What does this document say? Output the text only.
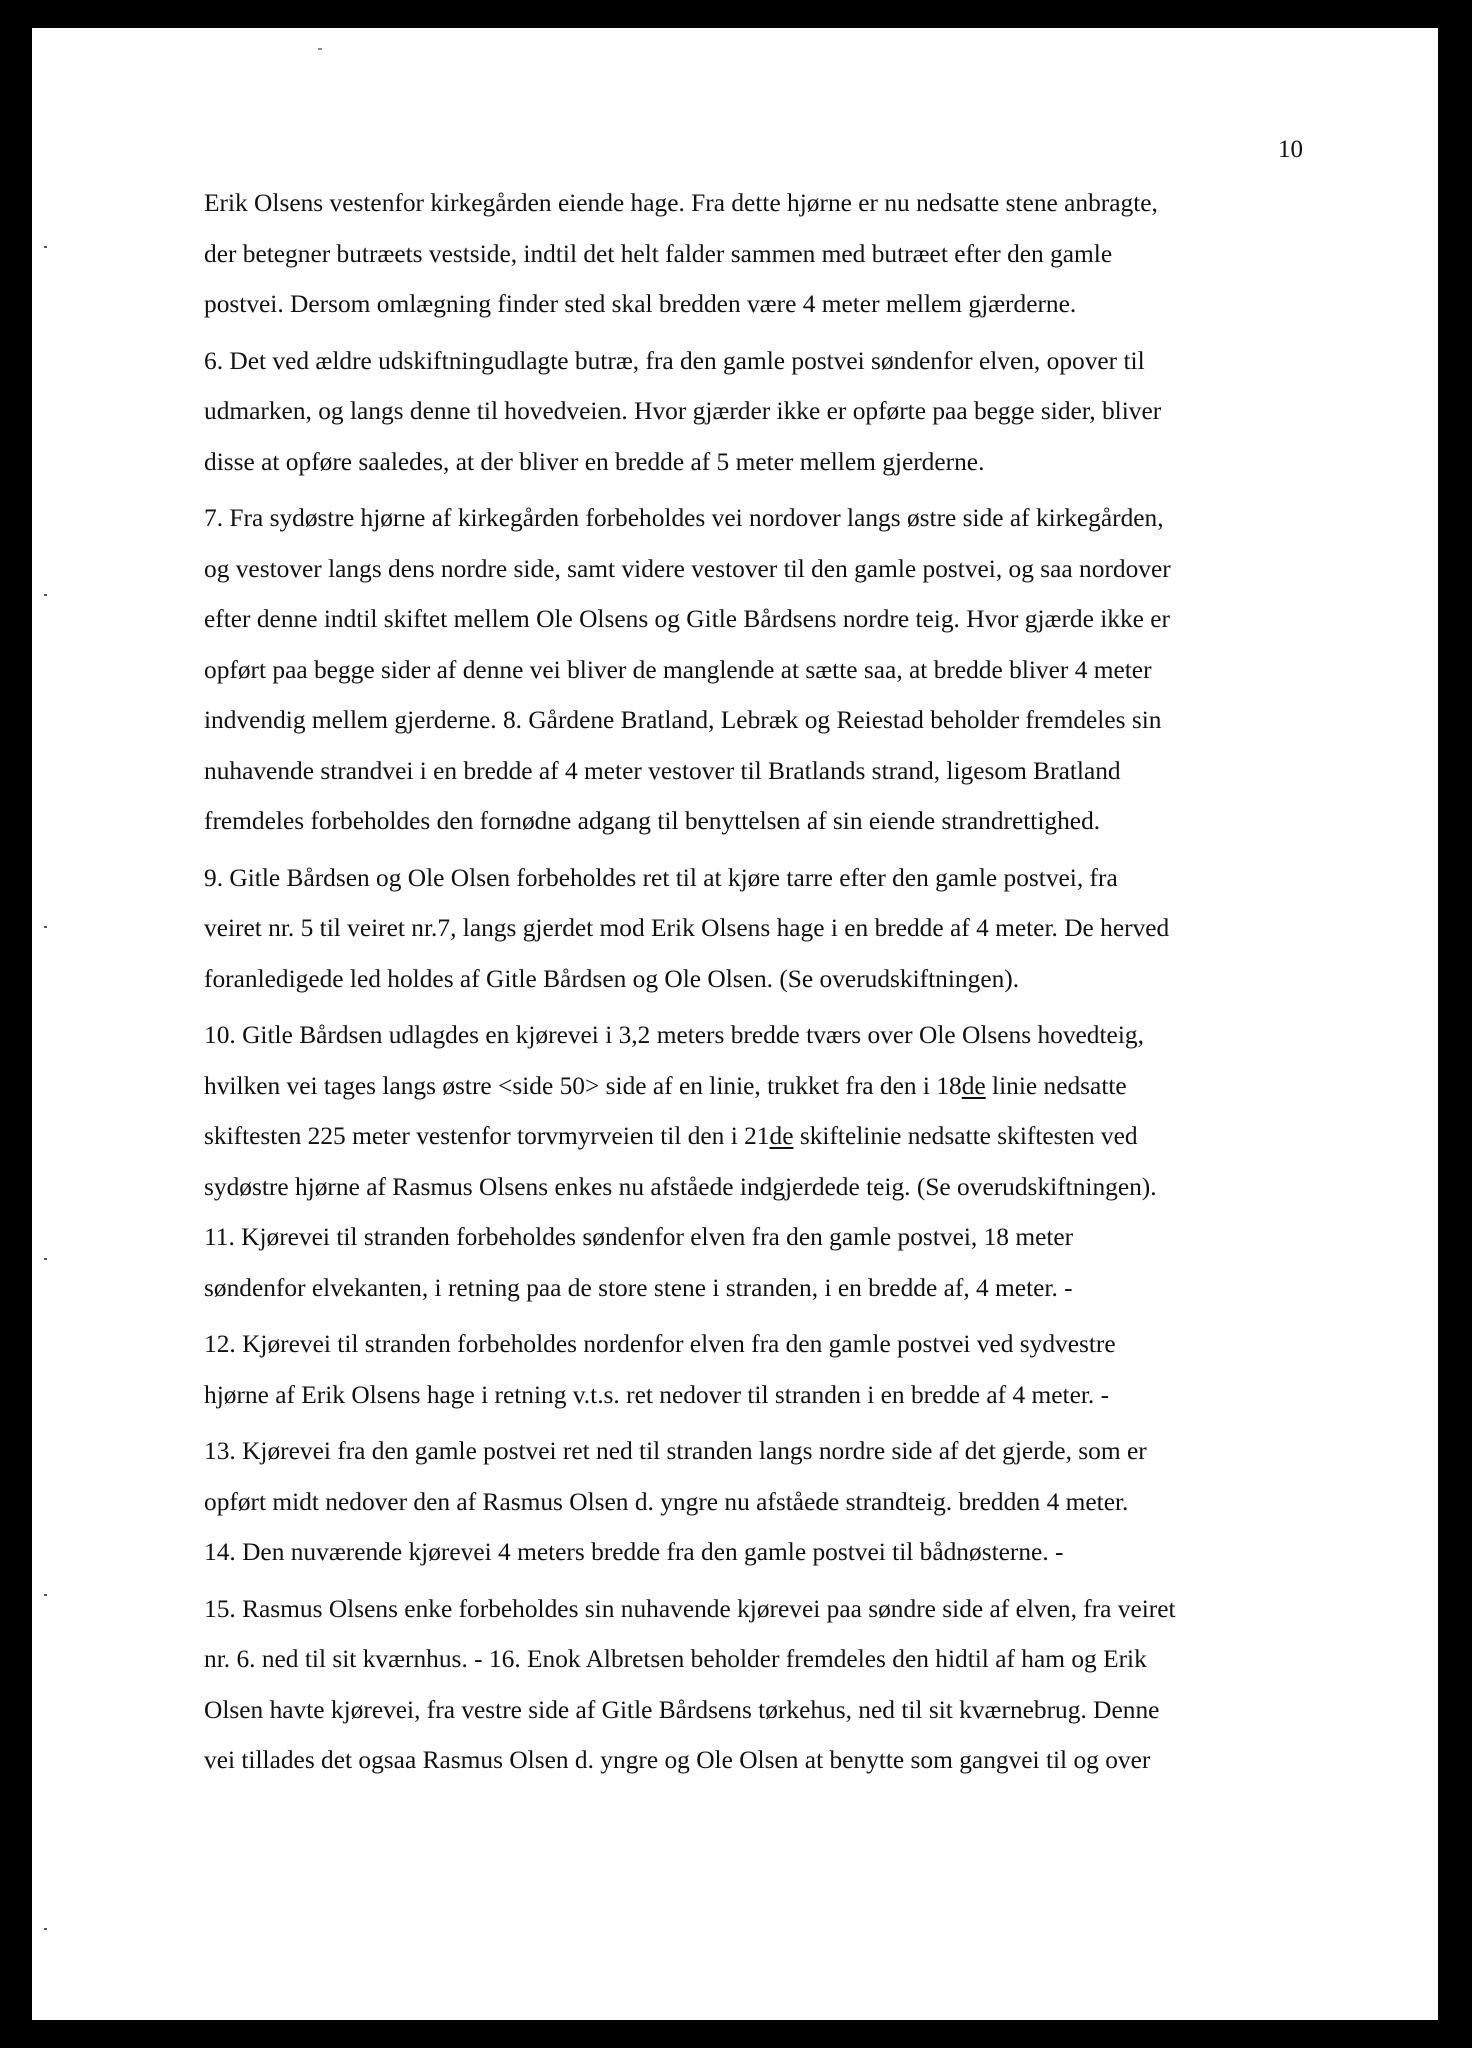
10

Erik Olsens vestenfor kirkegården eiende hage. Fra dette hjørne er nu nedsatte stene anbragte,
der betegner butræets vestside, indtil det helt falder sammen med butræet efter den gamle
postvei. Dersom omlægning finder sted skal bredden være 4 meter mellem gjærderne.

6. Det ved ældre udskiftningudlagte butræ, fra den gamle postvei søndenfor elven, opover til
udmarken, og langs denne til hovedveien. Hvor gjærder ikke er opførte paa begge sider, bliver
disse at opføre saaledes, at der bliver en bredde af 5 meter mellem gjerderne.

7. Fra sydøstre hjørne af kirkegården forbeholdes vei nordover langs østre side af kirkegården,
og vestover langs dens nordre side, samt videre vestover til den gamle postvei, og saa nordover
efter denne indtil skiftet mellem Ole Olsens og Gitle Bårdsens nordre teig. Hvor gjærde ikke er
opført paa begge sider af denne vei bliver de manglende at sætte saa, at bredde bliver 4 meter
indvendig mellem gjerderne. 8. Gårdene Bratland, Lebræk og Reiestad beholder fremdeles sin
nuhavende strandvei i en bredde af 4 meter vestover til Bratlands strand, ligesom Bratland
fremdeles forbeholdes den fornødne adgang til benyttelsen af sin eiende strandrettighed.

9. Gitle Bårdsen og Ole Olsen forbeholdes ret til at kjøre tarre efter den gamle postvei, fra
veiret nr. 5 til veiret nr.7, langs gjerdet mod Erik Olsens hage i en bredde af 4 meter. De herved
foranledigede led holdes af Gitle Bårdsen og Ole Olsen. (Se overudskiftningen).

10. Gitle Bårdsen udlagdes en kjørevei i 3,2 meters bredde tværs over Ole Olsens hovedteig,
hvilken vei tages langs østre <side 50> side af en linie, trukket fra den i 18de linie nedsatte
skiftesten 225 meter vestenfor torvmyrveien til den i 21de skiftelinie nedsatte skiftesten ved
sydøstre hjørne af Rasmus Olsens enkes nu afståede indgjerdede teig. (Se overudskiftningen).
11. Kjørevei til stranden forbeholdes søndenfor elven fra den gamle postvei, 18 meter
søndenfor elvekanten, i retning paa de store stene i stranden, i en bredde af, 4 meter. -

12. Kjørevei til stranden forbeholdes nordenfor elven fra den gamle postvei ved sydvestre
hjørne af Erik Olsens hage i retning v.t.s. ret nedover til stranden i en bredde af 4 meter. -

13. Kjørevei fra den gamle postvei ret ned til stranden langs nordre side af det gjerde, som er
opført midt nedover den af Rasmus Olsen d. yngre nu afståede strandteig. bredden 4 meter.
14. Den nuværende kjørevei 4 meters bredde fra den gamle postvei til bådnøsterne. -

15. Rasmus Olsens enke forbeholdes sin nuhavende kjørevei paa søndre side af elven, fra veiret
nr. 6. ned til sit kværnhus. - 16. Enok Albretsen beholder fremdeles den hidtil af ham og Erik
Olsen havte kjørevei, fra vestre side af Gitle Bårdsens tørkehus, ned til sit kværnebrug. Denne
vei tillades det ogsaa Rasmus Olsen d. yngre og Ole Olsen at benytte som gangvei til og over
